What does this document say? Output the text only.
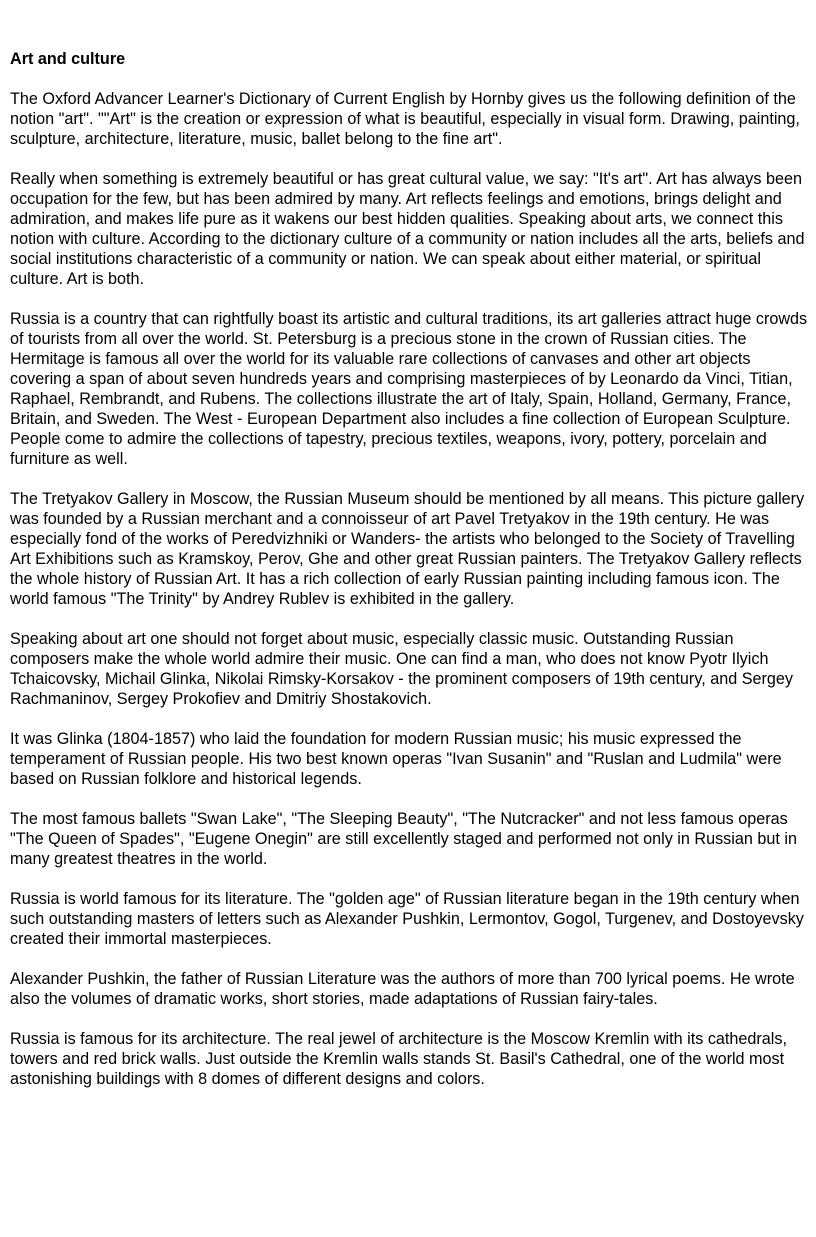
Art and culture
The Oxford Advancer Learner's Dictionary of Current English by Hornby gives us the following definition of the notion "art". ""Art" is the creation or expression of what is beautiful, especially in visual form. Drawing, painting, sculpture, architecture, literature, music, ballet belong to the fine art".
Really when something is extremely beautiful or has great cultural value, we say: "It's art". Art has always been occupation for the few, but has been admired by many. Art reflects feelings and emotions, brings delight and admiration, and makes life pure as it wakens our best hidden qualities. Speaking about arts, we connect this notion with culture. According to the dictionary culture of a community or nation includes all the arts, beliefs and social institutions characteristic of a community or nation. We can speak about either material, or spiritual culture. Art is both.
Russia is a country that can rightfully boast its artistic and cultural traditions, its art galleries attract huge crowds of tourists from all over the world. St. Petersburg is a precious stone in the crown of Russian cities. The Hermitage is famous all over the world for its valuable rare collections of canvases and other art objects covering a span of about seven hundreds years and comprising masterpieces of by Leonardo da Vinci, Titian, Raphael, Rembrandt, and Rubens. The collections illustrate the art of Italy, Spain, Holland, Germany, France, Britain, and Sweden. The West - European Department also includes a fine collection of European Sculpture. People come to admire the collections of tapestry, precious textiles, weapons, ivory, pottery, porcelain and furniture as well.
The Tretyakov Gallery in Moscow, the Russian Museum should be mentioned by all means. This picture gallery was founded by a Russian merchant and a connoisseur of art Pavel Tretyakov in the 19th century. He was especially fond of the works of Peredvizhniki or Wanders- the artists who belonged to the Society of Travelling Art Exhibitions such as Kramskoy, Perov, Ghe and other great Russian painters. The Tretyakov Gallery reflects the whole history of Russian Art. It has a rich collection of early Russian painting including famous icon. The world famous "The Trinity" by Andrey Rublev is exhibited in the gallery.
Speaking about art one should not forget about music, especially classic music. Outstanding Russian composers make the whole world admire their music. One can find a man, who does not know Pyotr Ilyich Tchaicovsky, Michail Glinka, Nikolai Rimsky-Korsakov - the prominent composers of 19th century, and Sergey Rachmaninov, Sergey Prokofiev and Dmitriy Shostakovich.
It was Glinka (1804-1857) who laid the foundation for modern Russian music; his music expressed the temperament of Russian people. His two best known operas "Ivan Susanin" and "Ruslan and Ludmila" were based on Russian folklore and historical legends.
The most famous ballets "Swan Lake", "The Sleeping Beauty", "The Nutcracker" and not less famous operas "The Queen of Spades", "Eugene Onegin" are still excellently staged and performed not only in Russian but in many greatest theatres in the world.
Russia is world famous for its literature. The "golden age" of Russian literature began in the 19th century when such outstanding masters of letters such as Alexander Pushkin, Lermontov, Gogol, Turgenev, and Dostoyevsky created their immortal masterpieces.
Alexander Pushkin, the father of Russian Literature was the authors of more than 700 lyrical poems. He wrote also the volumes of dramatic works, short stories, made adaptations of Russian fairy-tales.
Russia is famous for its architecture. The real jewel of architecture is the Moscow Kremlin with its cathedrals, towers and red brick walls. Just outside the Kremlin walls stands St. Basil's Cathedral, one of the world most astonishing buildings with 8 domes of different designs and colors.
